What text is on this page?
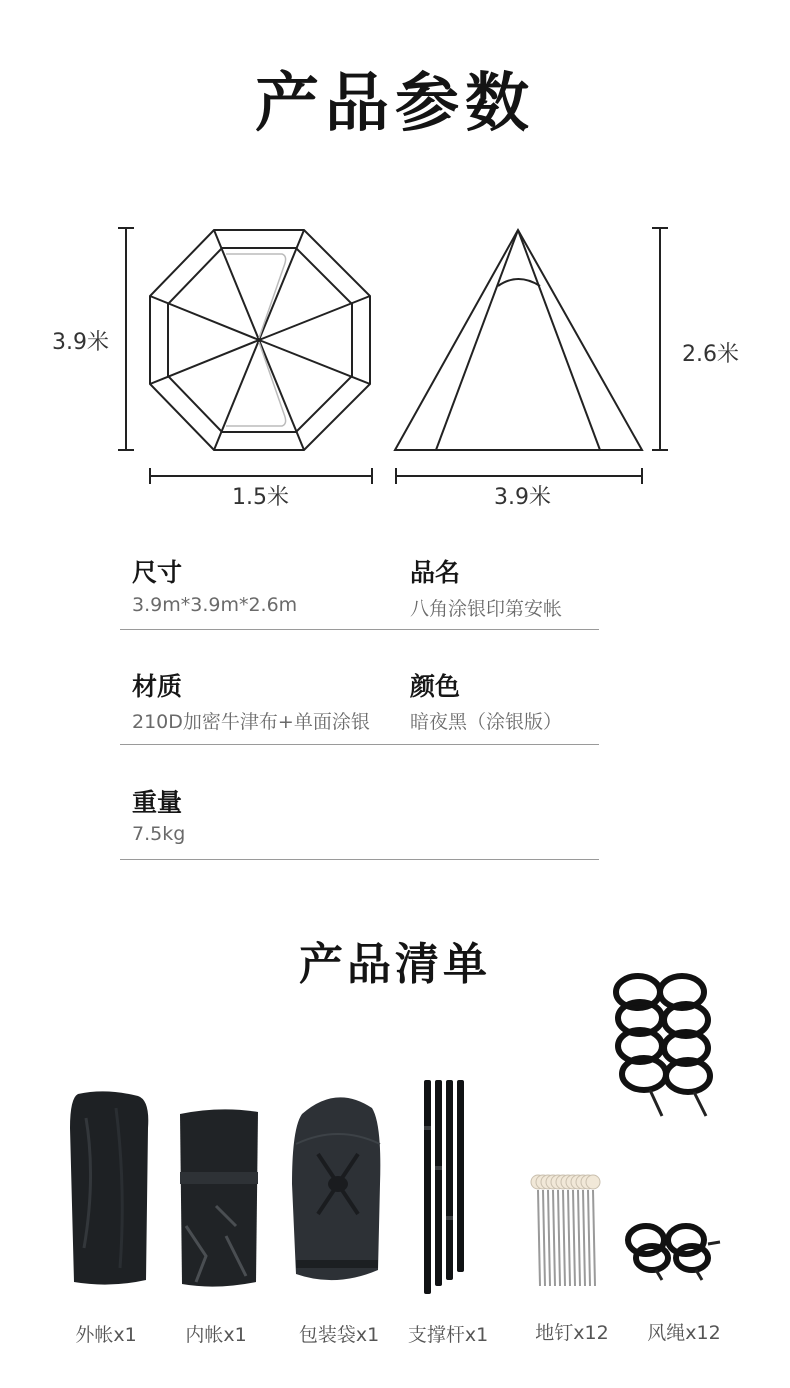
产品参数
3.9米
1.5米
2.6米
3.9米
尺寸
3.9m*3.9m*2.6m
品名
八角涂银印第安帐
材质
210D加密牛津布+单面涂银
颜色
暗夜黑（涂银版）
重量
7.5kg
产品清单
外帐x1	内帐x1	包装袋x1	支撑杆x1	地钉x12	风绳x12
